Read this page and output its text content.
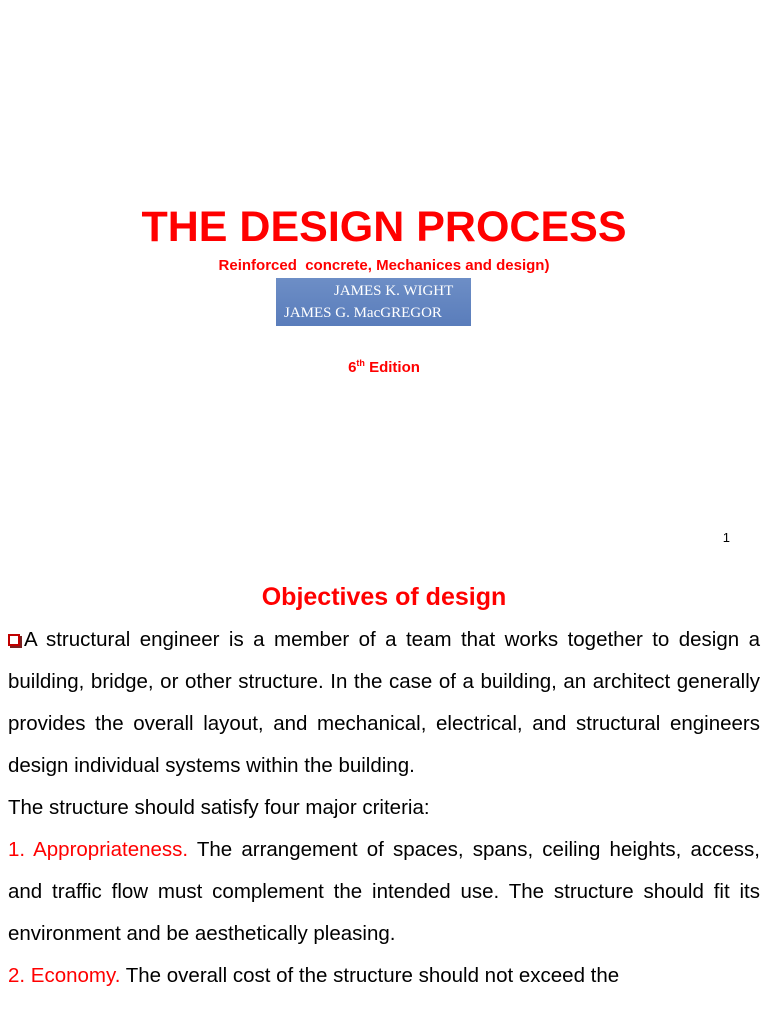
THE DESIGN PROCESS
Reinforced  concrete, Mechanices and design)
JAMES K. WIGHT
JAMES G. MacGREGOR
6th Edition
1
Objectives of design

A structural engineer is a member of a team that works together to design a building, bridge, or other structure. In the case of a building, an architect generally provides the overall layout, and mechanical, electrical, and structural engineers design individual systems within the building.

The structure should satisfy four major criteria:

1. Appropriateness. The arrangement of spaces, spans, ceiling heights, access, and traffic flow must complement the intended use. The structure should fit its environment and be aesthetically pleasing.

2. Economy. The overall cost of the structure should not exceed the
